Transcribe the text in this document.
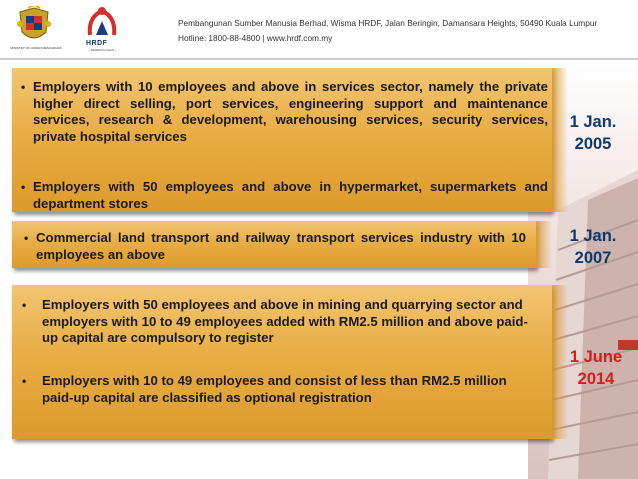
MINISTRY OF HUMAN RESOURCES
HRDF
~ PEMBANGUNAN ~
Pembangunan Sumber Manusia Berhad, Wisma HRDF, Jalan Beringin, Damansara Heights, 50490 Kuala Lumpur
Hotline: 1800-88-4800 | www.hrdf.com.my
• Employers with 10 employees and above in services sector, namely the private higher direct selling, port services, engineering support and maintenance services, research & development, warehousing services, security services, private hospital services
• Employers with 50 employees and above in hypermarket, supermarkets and department stores
• Commercial land transport and railway transport services industry with 10 employees an above
• Employers with 50 employees and above in mining and quarrying sector and employers with 10 to 49 employees added with RM2.5 million and above paid-up capital are compulsory to register
• Employers with 10 to 49 employees and consist of less than RM2.5 million paid-up capital are classified as optional registration
1 Jan. 2005
1 Jan. 2007
1 June 2014
